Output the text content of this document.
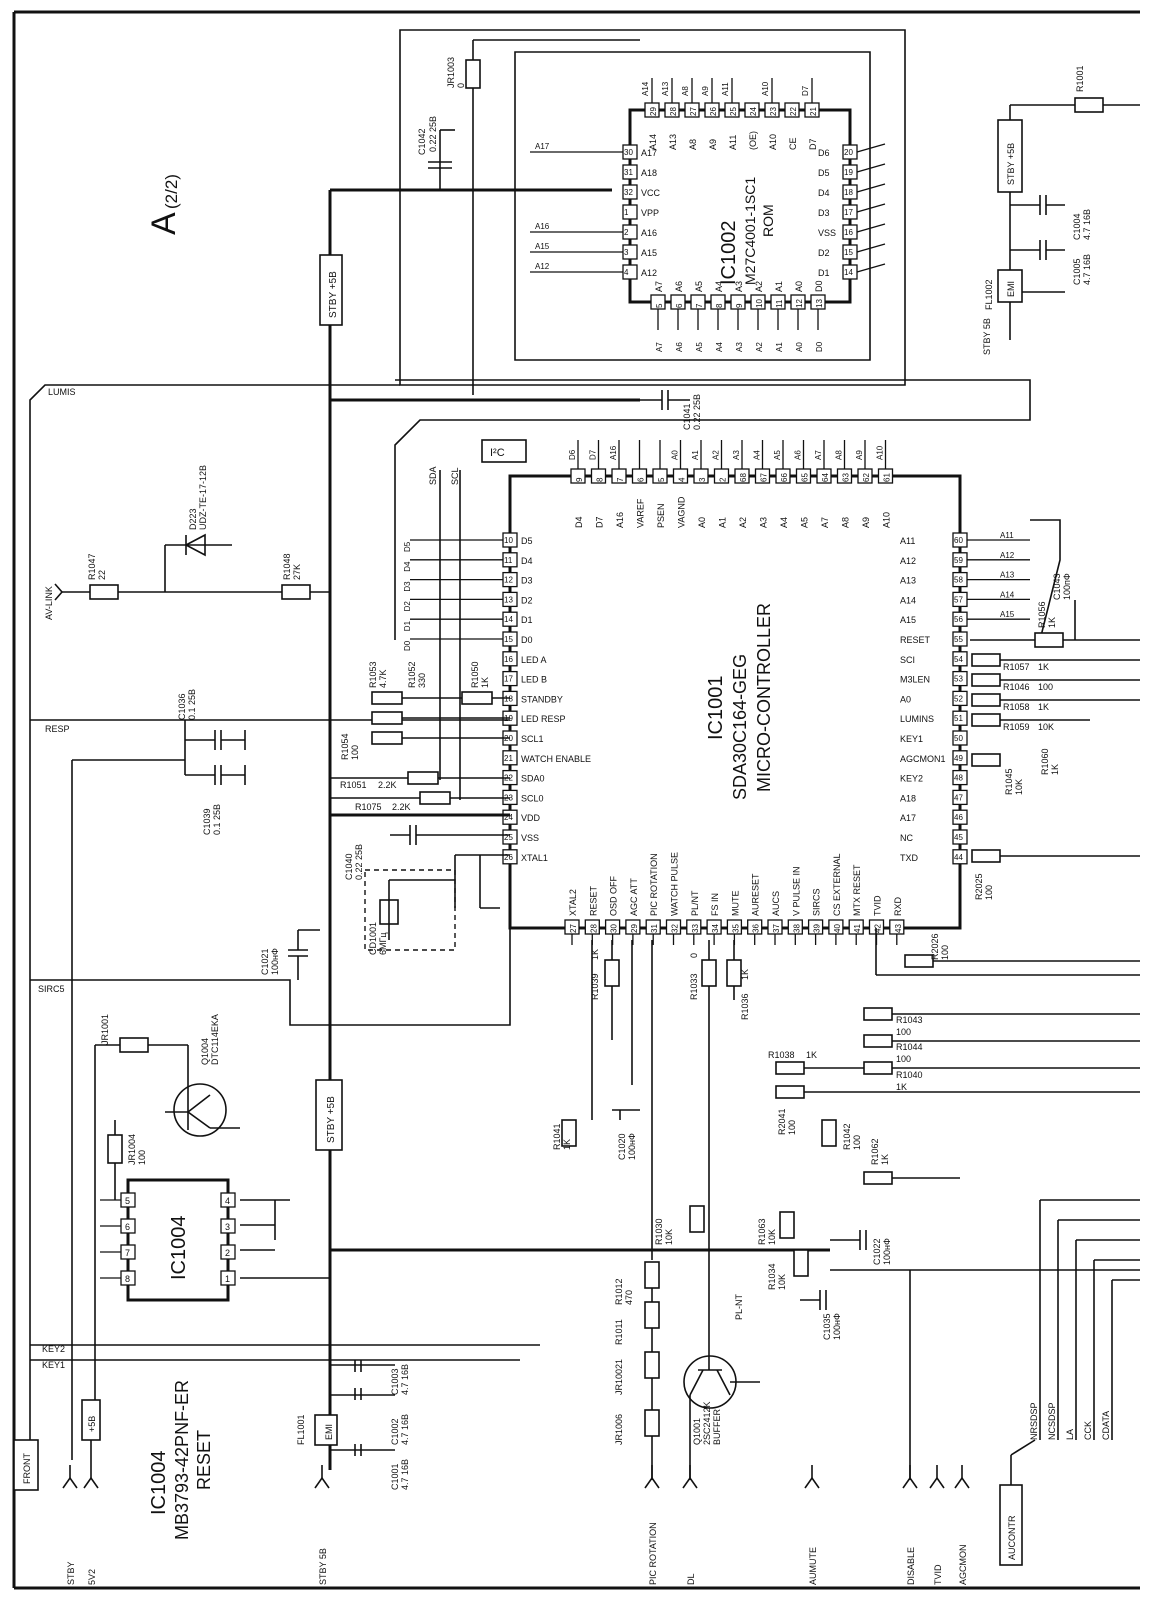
A
(2/2)
29
A14
A14
28
A13
A13
27
A8
A8
26
A9
A9
25
A11
A11
24
(OE)
23
A10
A10
22
CE
21
D7
D7
30 A17
A17
31 A18
32 VCC
1 VPP
2 A16
A16
3 A15
A15
4 A12
A12
20
D6
19
D5
18
D4
17
D3
16
VSS
15
D2
14
D1
5
A7
A7
6
A6
A6
7
A5
A5
8
A4
A4
9
A3
A3
10
A2
A2
11
A1
A1
12
A0
A0
13
D0
D0
IC1002 M27C4001-1SC1 ROM
9
D4
D6
8
D7
D7
7
A16
A16
6
VAREF
5
PSEN
4
VAGND
A0
3
A0
A1
2
A1
A2
68
A2
A3
67
A3
A4
66
A4
A5
65
A5
A6
64
A7
A7
63
A8
A8
62
A9
A9
61
A10
A10
10 D5
D5
11 D4
D4
12 D3
D3
13 D2
D2
14 D1
D1
15 D0
D0
16 LED A
17 LED B
18 STANDBY
19 LED RESP
20 SCL1
21 WATCH ENABLE
22 SDA0
23 SCL0
24 VDD
25 VSS
26 XTAL1
60
A11
A11
59
A12
A12
58
A13
A13
57
A14
A14
56
A15
A15
55
RESET
54
SCI
53
M3LEN
52
A0
51
LUMINS
50
KEY1
49
AGCMON1
48
KEY2
47
A18
46
A17
45
NC
44
TXD
27
XTAL2
28
RESET
30
OSD OFF
29
AGC ATT
31
PIC ROTATION
32
WATCH PULSE
33
PL/NT
34
FS IN
35
MUTE
36
AURESET
37
AUCS
38
V PULSE IN
39
SIRCS
40
CS EXTERNAL
41
MTX RESET
42
TVID
43
RXD
IC1001 SDA30C164-GEG MICRO-CONTROLLER
STBY +5B
STBY +5B
C1042 0.22 25B
JR1003 0
C1041 0.22 25B
I²C
SDA SCL
LUMIS
RESP
SIRC5
KEY2
KEY1
AV-LINK
R1047 22	R1048 27K
D223 UDZ-TE-17-12B
R1053 4.7K R1052 330
R1054 100
R1050 1K
R1051 2.2K
R1075 2.2K
C1036 0.1 25B
C1039 0.1 25B
C1040 0.22 25B
CD1001 6МГц
C1021 100нФ
JR1001
Q1004 DTC114EKA
JR1004 100
5
6
7
8
4
3
2
1
IC1004
IC1004 MB3793-42PNF-ER RESET
+5B
FRONT
EMI
FL1001
C1003 4.7 16B
C1002 4.7 16B
C1001 4.7 16B
STBY +5B
R1001
C1004 4.7 16B
C1005 4.7 16B
EMI
FL1002
STBY 5B
R1056 1K
C1043 100пФ
R1057 1K
R1046 100
R1058 1K
R1059 10K
R1060 1K
R1045 10K
R2025 100
R2026 100
R1039
1K
R1033
0
R1036
1K
R1043
100
R1044
100
R1038 1K
R1040
1K
R2041 100	R1042 100
R1041 1K	R1062 1K
R1030 10K	R1063 10K
R1034 10K
C1020 100нФ
C1022 100нФ
C1035 100нФ
PL-NT
R1012 470
R1011
JR10021
JR1006	Q1001 2SC2412K BUFFER
AUCONTR
NRSDSP NCSDSP LA CCK CDATA
STBY 5V2	STBY 5B	PIC ROTATION	DL	AUMUTE	DISABLE TVID AGCMON
